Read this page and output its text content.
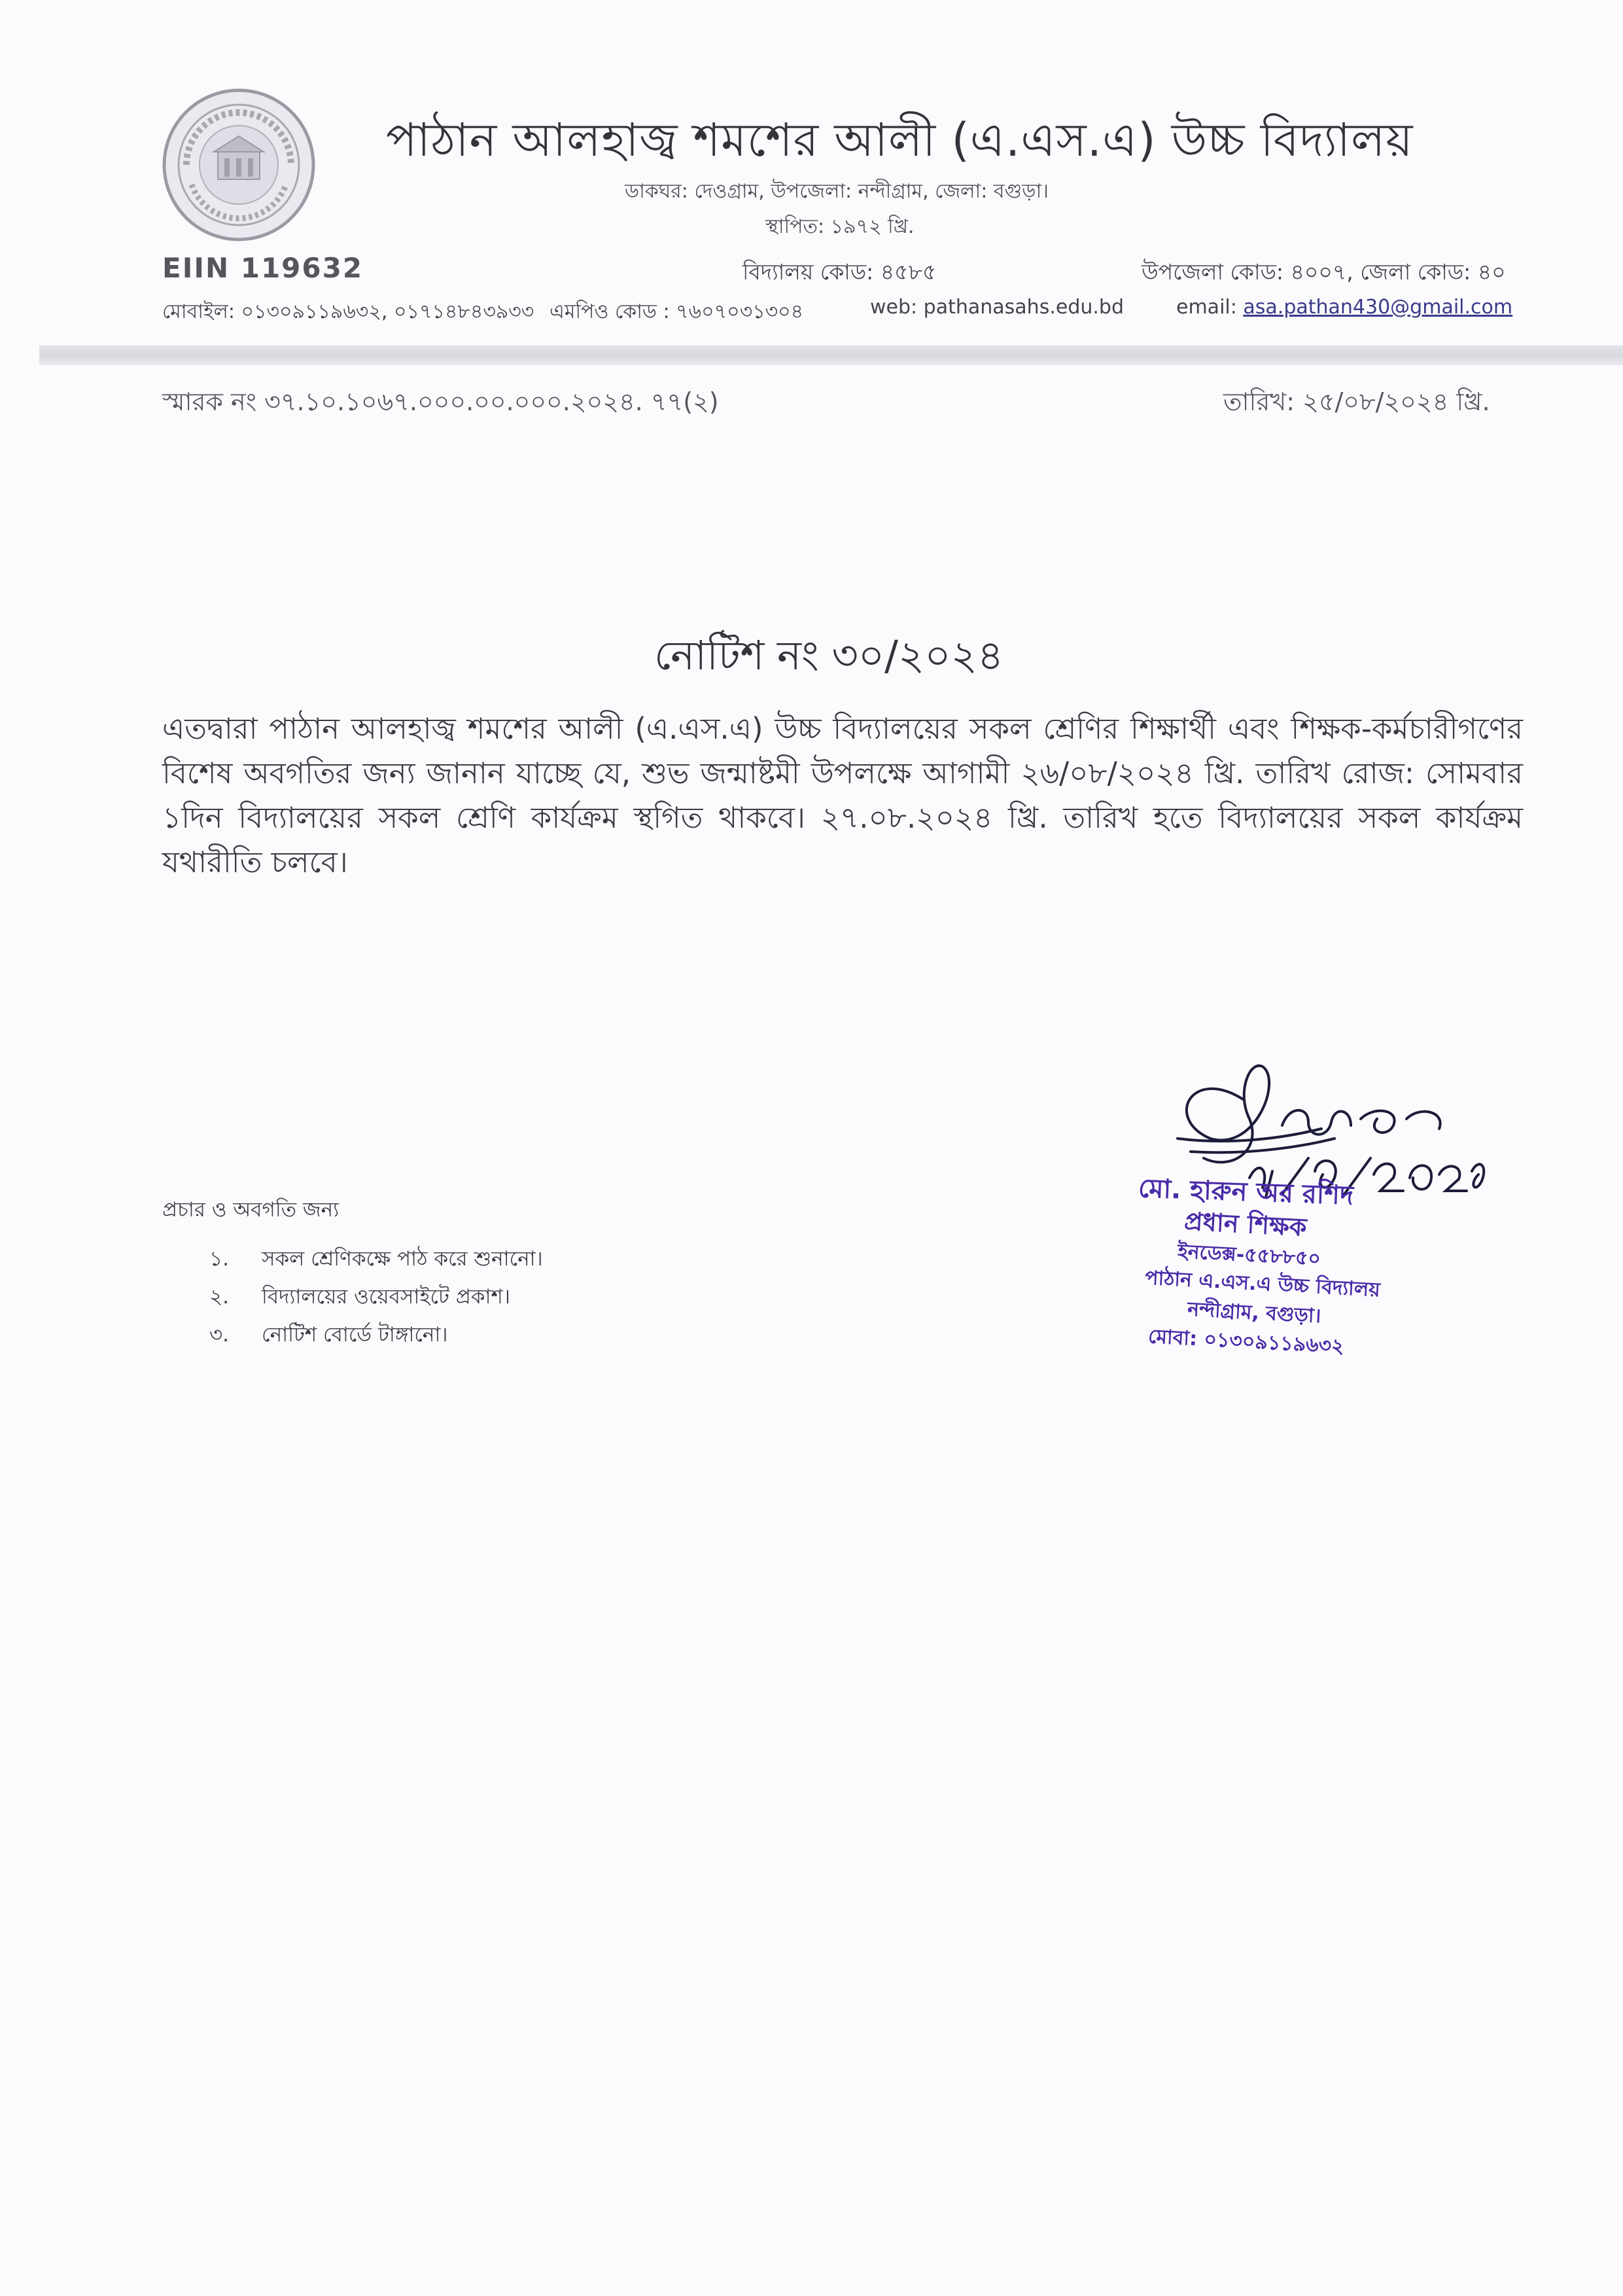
পাঠান আলহাজ্ব শমশের আলী (এ.এস.এ) উচ্চ বিদ্যালয়
ডাকঘর: দেওগ্রাম, উপজেলা: নন্দীগ্রাম, জেলা: বগুড়া।
স্থাপিত: ১৯৭২ খ্রি.
EIIN 119632	বিদ্যালয় কোড: ৪৫৮৫	উপজেলা কোড: ৪০০৭, জেলা কোড: ৪০
মোবাইল: ০১৩০৯১১৯৬৩২, ০১৭১৪৮৪৩৯৩৩ এমপিও কোড : ৭৬০৭০৩১৩০৪	web: pathanasahs.edu.bd	email: asa.pathan430@gmail.com
স্মারক নং ৩৭.১০.১০৬৭.০০০.০০.০০০.২০২৪. ৭৭(২)	তারিখ: ২৫/০৮/২০২৪ খ্রি.
নোটিশ নং ৩০/২০২৪

এতদ্বারা পাঠান আলহাজ্ব শমশের আলী (এ.এস.এ) উচ্চ বিদ্যালয়ের সকল শ্রেণির শিক্ষার্থী এবং শিক্ষক-কর্মচারীগণের বিশেষ অবগতির জন্য জানান যাচ্ছে যে, শুভ জন্মাষ্টমী উপলক্ষে আগামী ২৬/০৮/২০২৪ খ্রি. তারিখ রোজ: সোমবার ১দিন বিদ্যালয়ের সকল শ্রেণি কার্যক্রম স্থগিত থাকবে। ২৭.০৮.২০২৪ খ্রি. তারিখ হতে বিদ্যালয়ের সকল কার্যক্রম যথারীতি চলবে।

মো. হারুন অর রশিদ
প্রধান শিক্ষক
ইনডেক্স-৫৫৮৮৫০
পাঠান এ.এস.এ উচ্চ বিদ্যালয়
নন্দীগ্রাম, বগুড়া।
মোবা: ০১৩০৯১১৯৬৩২
প্রচার ও অবগতি জন্য
১. সকল শ্রেণিকক্ষে পাঠ করে শুনানো।
২. বিদ্যালয়ের ওয়েবসাইটে প্রকাশ।
৩. নোটিশ বোর্ডে টাঙ্গানো।
